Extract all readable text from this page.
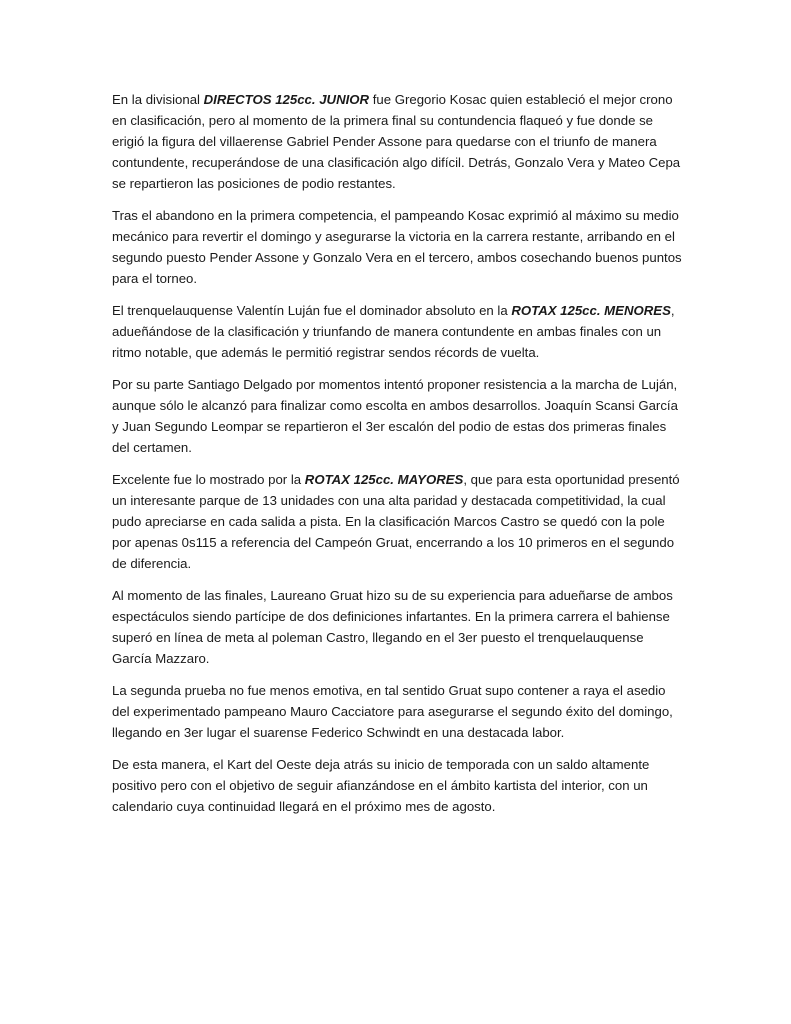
En la divisional DIRECTOS 125cc. JUNIOR fue Gregorio Kosac quien estableció el mejor crono en clasificación, pero al momento de la primera final su contundencia flaqueó y fue donde se erigió la figura del villaerense Gabriel Pender Assone para quedarse con el triunfo de manera contundente, recuperándose de una clasificación algo difícil. Detrás, Gonzalo Vera y Mateo Cepa se repartieron las posiciones de podio restantes.

Tras el abandono en la primera competencia, el pampeando Kosac exprimió al máximo su medio mecánico para revertir el domingo y asegurarse la victoria en la carrera restante, arribando en el segundo puesto Pender Assone y Gonzalo Vera en el tercero, ambos cosechando buenos puntos para el torneo.

El trenquelauquense Valentín Luján fue el dominador absoluto en la ROTAX 125cc. MENORES, adueñándose de la clasificación y triunfando de manera contundente en ambas finales con un ritmo notable, que además le permitió registrar sendos récords de vuelta.

Por su parte Santiago Delgado por momentos intentó proponer resistencia a la marcha de Luján, aunque sólo le alcanzó para finalizar como escolta en ambos desarrollos. Joaquín Scansi García y Juan Segundo Leompar se repartieron el 3er escalón del podio de estas dos primeras finales del certamen.

Excelente fue lo mostrado por la ROTAX 125cc. MAYORES, que para esta oportunidad presentó un interesante parque de 13 unidades con una alta paridad y destacada competitividad, la cual pudo apreciarse en cada salida a pista. En la clasificación Marcos Castro se quedó con la pole por apenas 0s115 a referencia del Campeón Gruat, encerrando a los 10 primeros en el segundo de diferencia.

Al momento de las finales, Laureano Gruat hizo su de su experiencia para adueñarse de ambos espectáculos siendo partícipe de dos definiciones infartantes. En la primera carrera el bahiense superó en línea de meta al poleman Castro, llegando en el 3er puesto el trenquelauquense García Mazzaro.

La segunda prueba no fue menos emotiva, en tal sentido Gruat supo contener a raya el asedio del experimentado pampeano Mauro Cacciatore para asegurarse el segundo éxito del domingo, llegando en 3er lugar el suarense Federico Schwindt en una destacada labor.

De esta manera, el Kart del Oeste deja atrás su inicio de temporada con un saldo altamente positivo pero con el objetivo de seguir afianzándose en el ámbito kartista del interior, con un calendario cuya continuidad llegará en el próximo mes de agosto.
